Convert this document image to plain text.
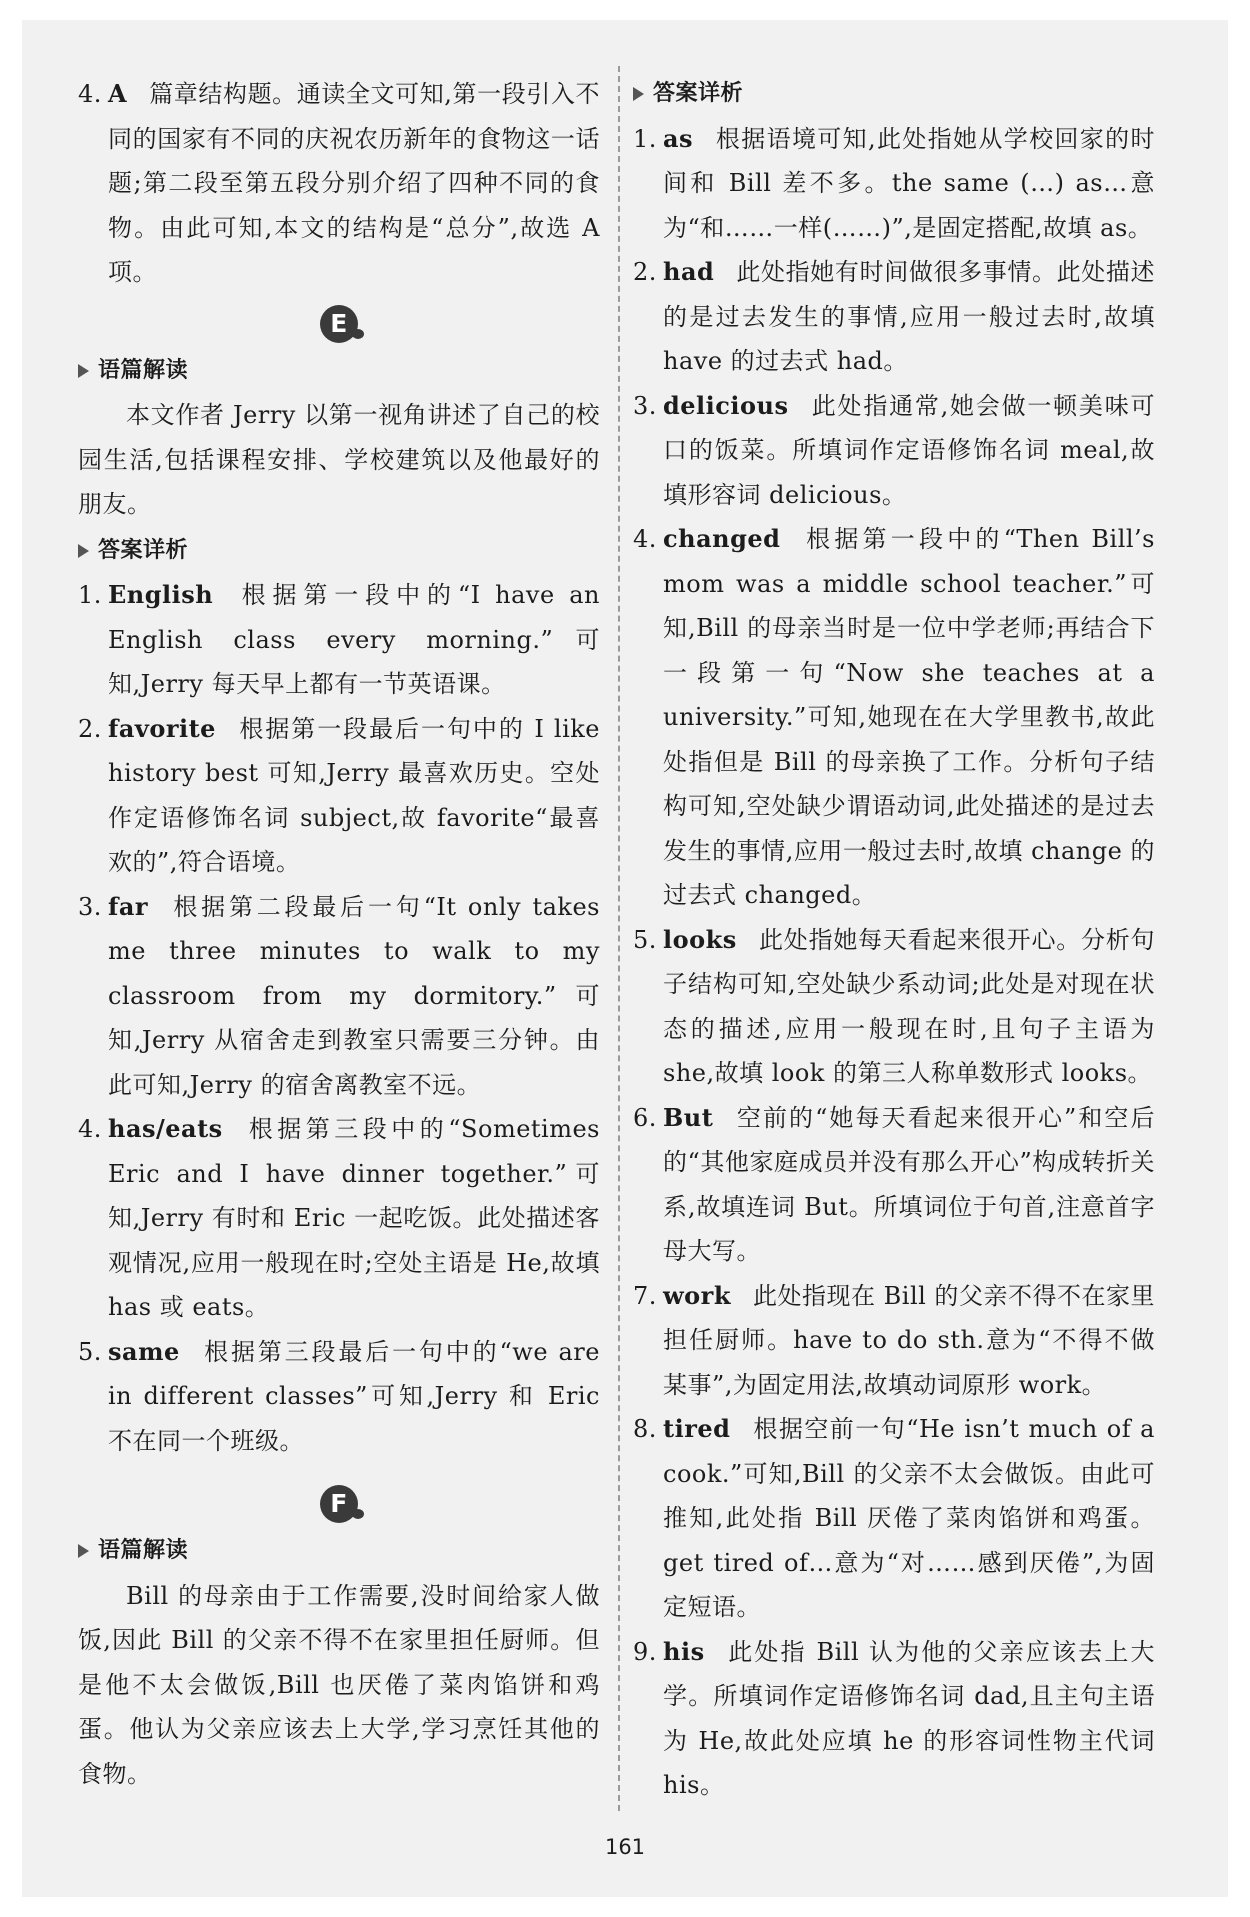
4. A 篇章结构题。通读全文可知,第一段引入不同的国家有不同的庆祝农历新年的食物这一话题;第二段至第五段分别介绍了四种不同的食物。由此可知,本文的结构是“总分”,故选 A 项。
E
语篇解读
本文作者 Jerry 以第一视角讲述了自己的校园生活,包括课程安排、学校建筑以及他最好的朋友。
答案详析
1. English 根据第一段中的“I have an English class every morning.”可知,Jerry 每天早上都有一节英语课。
2. favorite 根据第一段最后一句中的 I like history best 可知,Jerry 最喜欢历史。空处作定语修饰名词 subject,故 favorite“最喜欢的”,符合语境。
3. far 根据第二段最后一句“It only takes me three minutes to walk to my classroom from my dormitory.”可知,Jerry 从宿舍走到教室只需要三分钟。由此可知,Jerry 的宿舍离教室不远。
4. has/eats 根据第三段中的“Sometimes Eric and I have dinner together.”可知,Jerry 有时和 Eric 一起吃饭。此处描述客观情况,应用一般现在时;空处主语是 He,故填 has 或 eats。
5. same 根据第三段最后一句中的“we are in different classes”可知,Jerry 和 Eric 不在同一个班级。
F
语篇解读
Bill 的母亲由于工作需要,没时间给家人做饭,因此 Bill 的父亲不得不在家里担任厨师。但是他不太会做饭,Bill 也厌倦了菜肉馅饼和鸡蛋。他认为父亲应该去上大学,学习烹饪其他的食物。
答案详析
1. as 根据语境可知,此处指她从学校回家的时间和 Bill 差不多。the same (…) as…意为“和……一样(……)”,是固定搭配,故填 as。
2. had 此处指她有时间做很多事情。此处描述的是过去发生的事情,应用一般过去时,故填 have 的过去式 had。
3. delicious 此处指通常,她会做一顿美味可口的饭菜。所填词作定语修饰名词 meal,故填形容词 delicious。
4. changed 根据第一段中的“Then Bill’s mom was a middle school teacher.”可知,Bill 的母亲当时是一位中学老师;再结合下一段第一句“Now she teaches at a university.”可知,她现在在大学里教书,故此处指但是 Bill 的母亲换了工作。分析句子结构可知,空处缺少谓语动词,此处描述的是过去发生的事情,应用一般过去时,故填 change 的过去式 changed。
5. looks 此处指她每天看起来很开心。分析句子结构可知,空处缺少系动词;此处是对现在状态的描述,应用一般现在时,且句子主语为 she,故填 look 的第三人称单数形式 looks。
6. But 空前的“她每天看起来很开心”和空后的“其他家庭成员并没有那么开心”构成转折关系,故填连词 But。所填词位于句首,注意首字母大写。
7. work 此处指现在 Bill 的父亲不得不在家里担任厨师。have to do sth.意为“不得不做某事”,为固定用法,故填动词原形 work。
8. tired 根据空前一句“He isn’t much of a cook.”可知,Bill 的父亲不太会做饭。由此可推知,此处指 Bill 厌倦了菜肉馅饼和鸡蛋。get tired of…意为“对……感到厌倦”,为固定短语。
9. his 此处指 Bill 认为他的父亲应该去上大学。所填词作定语修饰名词 dad,且主句主语为 He,故此处应填 he 的形容词性物主代词 his。
161
